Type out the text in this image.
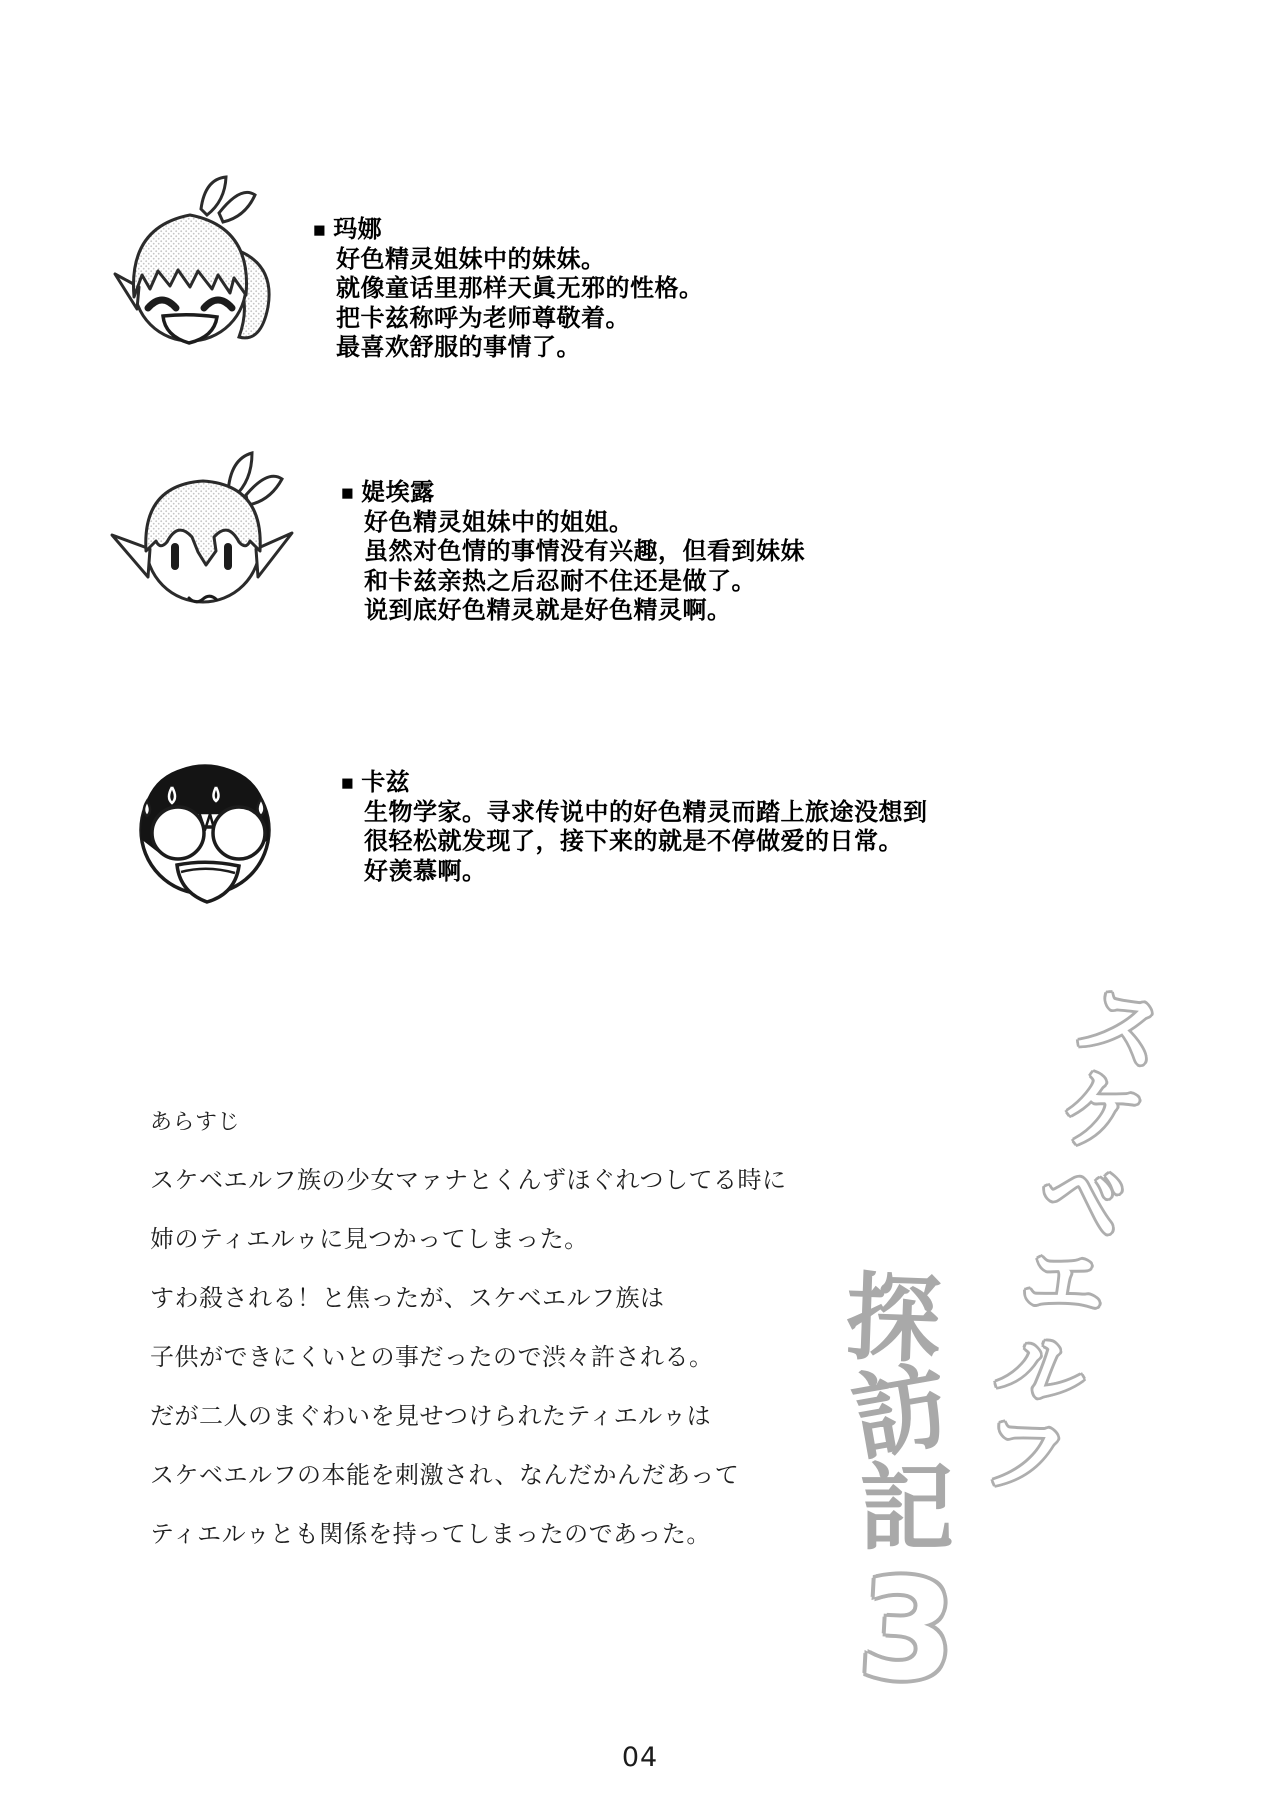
■ 玛娜
好色精灵姐妹中的妹妹。
就像童话里那样天眞无邪的性格。
把卡兹称呼为老师尊敬着。
最喜欢舒服的事情了。
■ 媞埃露
好色精灵姐妹中的姐姐。
虽然对色情的事情没有兴趣，但看到妹妹
和卡兹亲热之后忍耐不住还是做了。
说到底好色精灵就是好色精灵啊。
■ 卡兹
生物学家。寻求传说中的好色精灵而踏上旅途没想到
很轻松就发现了，接下来的就是不停做爱的日常。
好羡慕啊。

あらすじ

スケベエルフ族の少女マァナとくんずほぐれつしてる時に

姉のティエルゥに見つかってしまった。

すわ殺される！と焦ったが、スケベエルフ族は

子供ができにくいとの事だったので渋々許される。

だが二人のまぐわいを見せつけられたティエルゥは

スケベエルフの本能を刺激され、なんだかんだあって

ティエルゥとも関係を持ってしまったのであった。

スケベエルフ
探訪記
3
04
